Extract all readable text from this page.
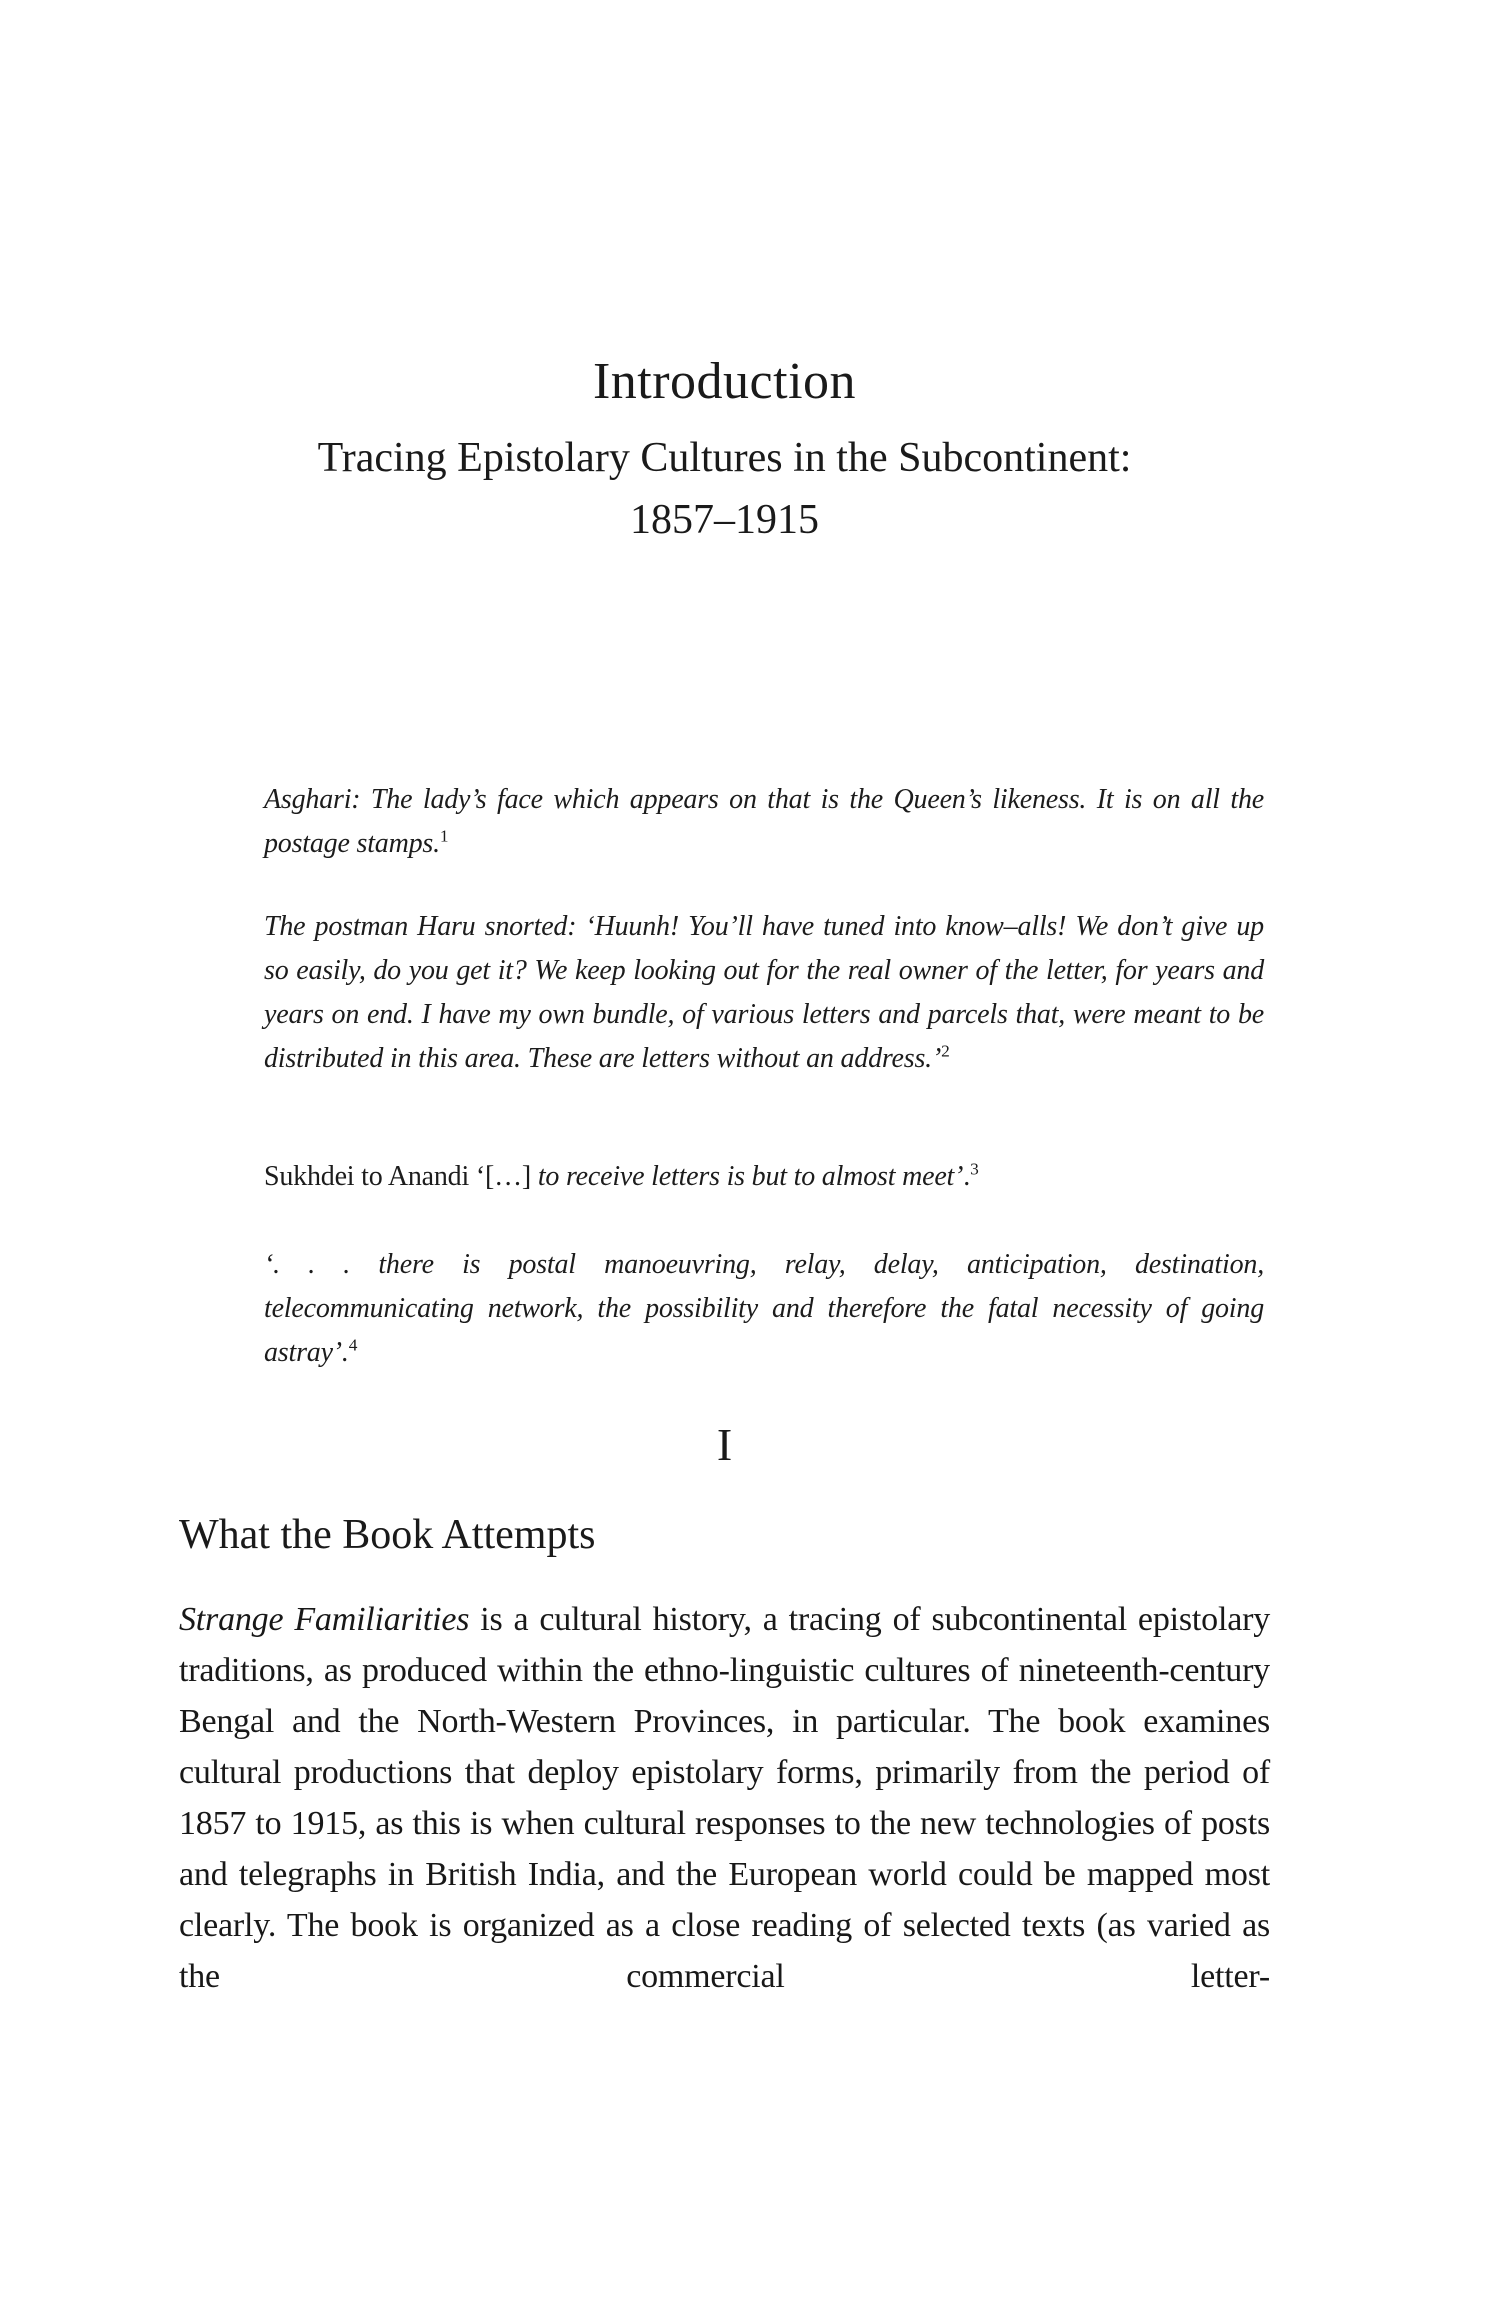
Introduction
Tracing Epistolary Cultures in the Subcontinent:
1857–1915
Asghari: The lady’s face which appears on that is the Queen’s likeness. It is on all the postage stamps.$^1$
The postman Haru snorted: ‘Huunh! You’ll have tuned into know–alls! We don’t give up so easily, do you get it? We keep looking out for the real owner of the letter, for years and years on end. I have my own bundle, of various letters and parcels that, were meant to be distributed in this area. These are letters without an address.’$^2$
Sukhdei to Anandi ‘[…] to receive letters is but to almost meet’.$^3$
‘. . . there is postal manoeuvring, relay, delay, anticipation, destination, telecommunicating network, the possibility and therefore the fatal necessity of going astray’.$^4$
I
What the Book Attempts
Strange Familiarities is a cultural history, a tracing of subcontinental epistolary traditions, as produced within the ethno-linguistic cultures of nineteenth-century Bengal and the North-Western Provinces, in particular. The book examines cultural productions that deploy epistolary forms, primarily from the period of 1857 to 1915, as this is when cultural responses to the new technologies of posts and telegraphs in British India, and the European world could be mapped most clearly. The book is organized as a close reading of selected texts (as varied as the commercial letter-
